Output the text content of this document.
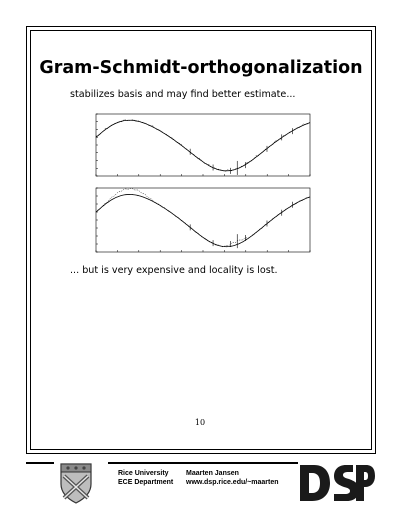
Gram-Schmidt-orthogonalization
stabilizes basis and may find better estimate...
... but is very expensive and locality is lost.
10
Rice University
ECE Department
Maarten Jansen
www.dsp.rice.edu/~maarten
